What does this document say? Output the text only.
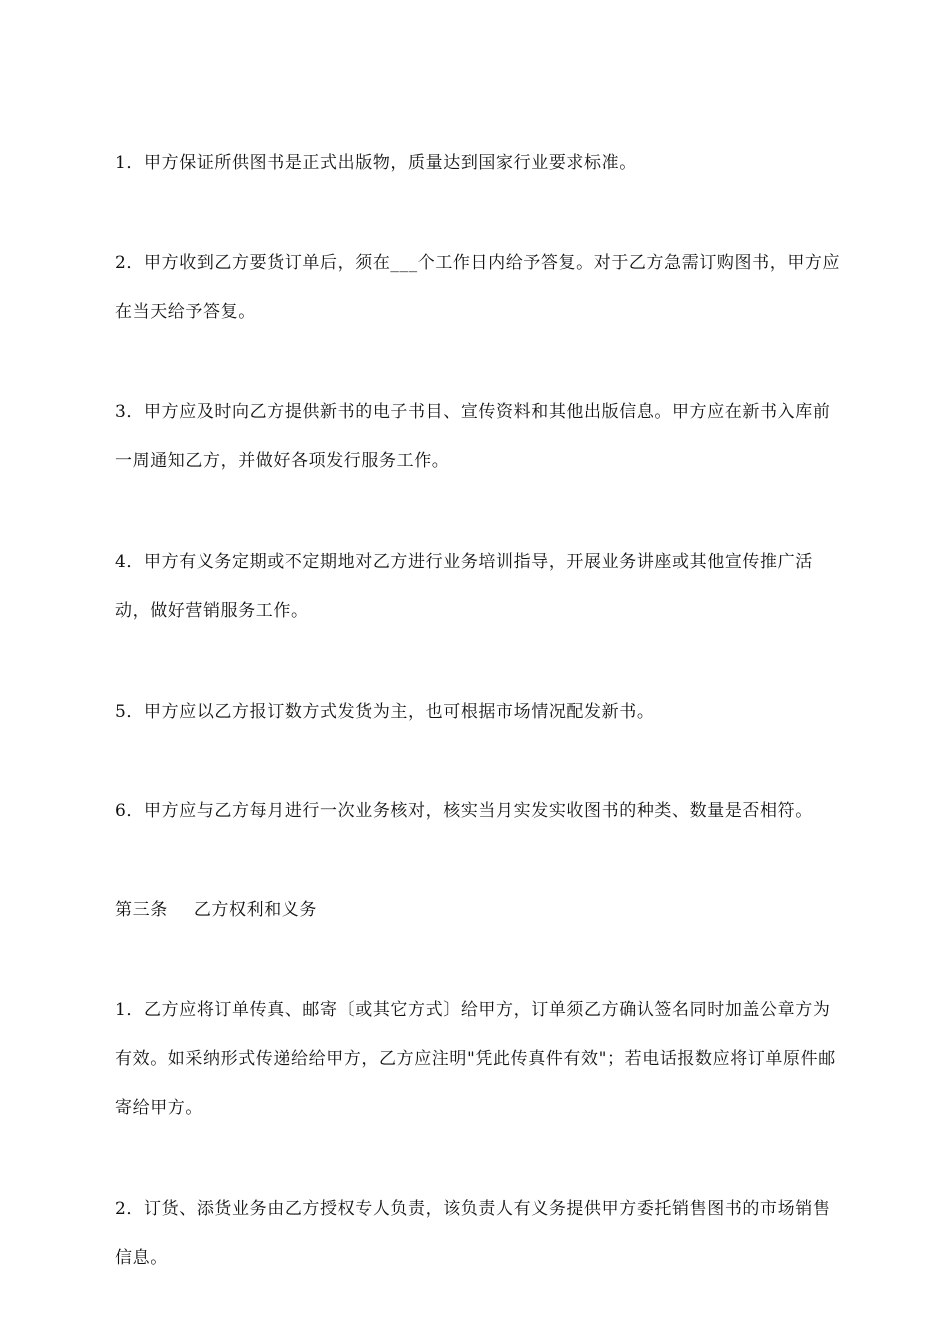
1．甲方保证所供图书是正式出版物，质量达到国家行业要求标准。

2．甲方收到乙方要货订单后，须在___个工作日内给予答复。对于乙方急需订购图书，甲方应在当天给予答复。

3．甲方应及时向乙方提供新书的电子书目、宣传资料和其他出版信息。甲方应在新书入库前一周通知乙方，并做好各项发行服务工作。

4．甲方有义务定期或不定期地对乙方进行业务培训指导，开展业务讲座或其他宣传推广活动，做好营销服务工作。

5．甲方应以乙方报订数方式发货为主，也可根据市场情况配发新书。

6．甲方应与乙方每月进行一次业务核对，核实当月实发实收图书的种类、数量是否相符。

第三条 乙方权利和义务

1．乙方应将订单传真、邮寄〔或其它方式〕给甲方，订单须乙方确认签名同时加盖公章方为有效。如采纳形式传递给给甲方，乙方应注明"凭此传真件有效"；若电话报数应将订单原件邮寄给甲方。

2．订货、添货业务由乙方授权专人负责，该负责人有义务提供甲方委托销售图书的市场销售信息。
